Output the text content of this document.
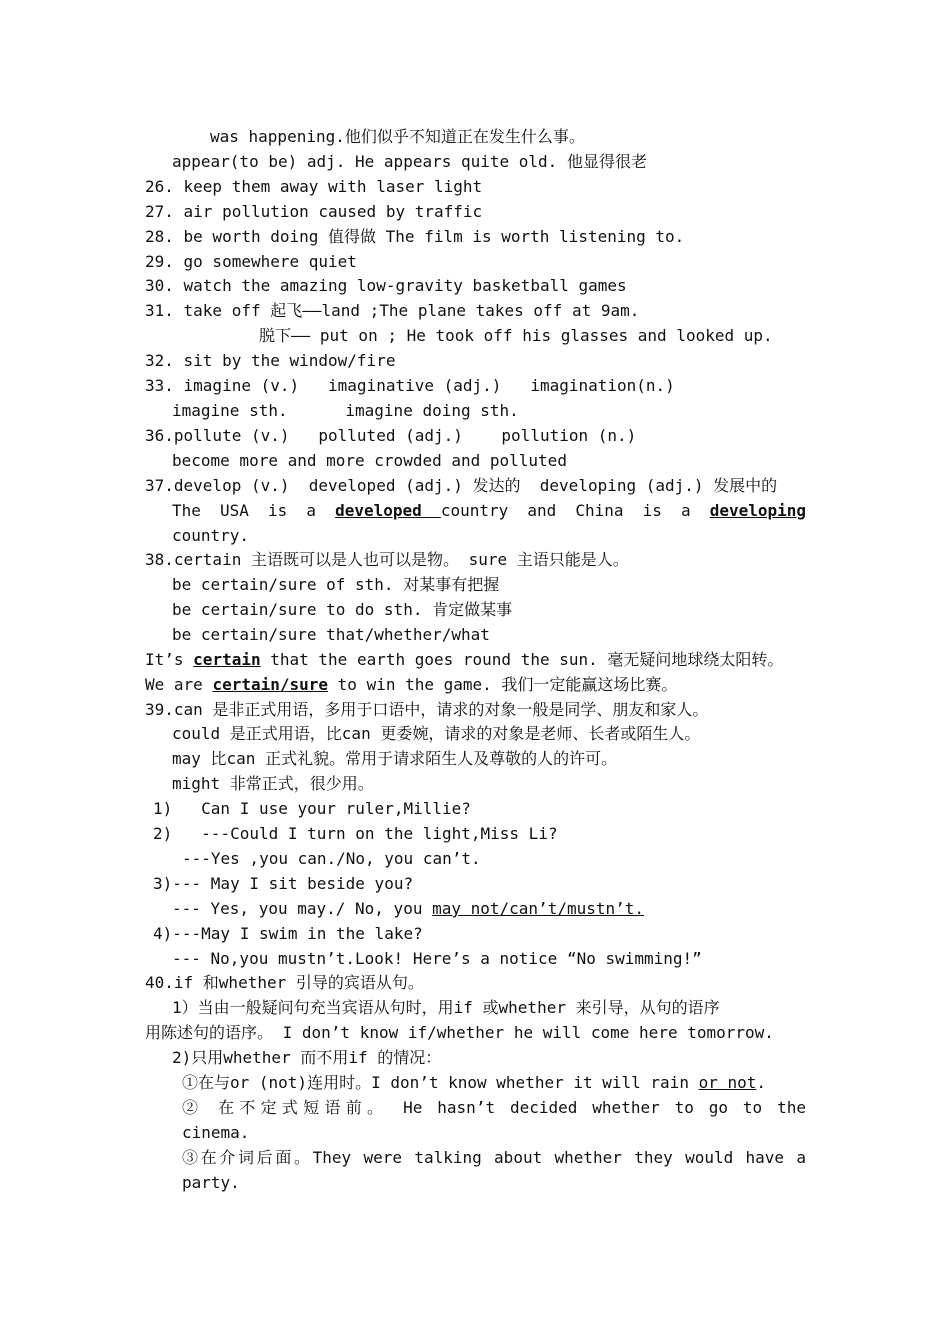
was happening.他们似乎不知道正在发生什么事。
appear(to be) adj. He appears quite old. 他显得很老
26. keep them away with laser light
27. air pollution caused by traffic
28. be worth doing 值得做 The film is worth listening to.
29. go somewhere quiet
30. watch the amazing low-gravity basketball games
31. take off 起飞——land ;The plane takes off at 9am.
脱下—— put on ; He took off his glasses and looked up.
32. sit by the window/fire
33. imagine (v.)   imaginative (adj.)   imagination(n.)
imagine sth.      imagine doing sth.
36.pollute (v.)   polluted (adj.)    pollution (n.)
become more and more crowded and polluted
37.develop (v.)  developed (adj.) 发达的  developing (adj.) 发展中的
The USA is a developed country and China is a developing
country.
38.certain 主语既可以是人也可以是物。 sure 主语只能是人。
be certain/sure of sth. 对某事有把握
be certain/sure to do sth. 肯定做某事
be certain/sure that/whether/what
It’s certain that the earth goes round the sun. 毫无疑问地球绕太阳转。
We are certain/sure to win the game. 我们一定能赢这场比赛。
39.can 是非正式用语，多用于口语中，请求的对象一般是同学、朋友和家人。
could 是正式用语，比can 更委婉，请求的对象是老师、长者或陌生人。
may 比can 正式礼貌。常用于请求陌生人及尊敬的人的许可。
might 非常正式，很少用。
1)   Can I use your ruler,Millie?
2)   ---Could I turn on the light,Miss Li?
---Yes ,you can./No, you can’t.
3)--- May I sit beside you?
--- Yes, you may./ No, you may not/can’t/mustn’t.
4)---May I swim in the lake?
--- No,you mustn’t.Look! Here’s a notice “No swimming!”
40.if 和whether 引导的宾语从句。
1）当由一般疑问句充当宾语从句时，用if 或whether 来引导，从句的语序
用陈述句的语序。 I don’t know if/whether he will come here tomorrow.
2)只用whether 而不用if 的情况：
①在与or (not)连用时。I don’t know whether it will rain or not.
② 在不定式短语前。 He hasn’t decided whether to go to the
cinema.
③在介词后面。They were talking about whether they would have a
party.
